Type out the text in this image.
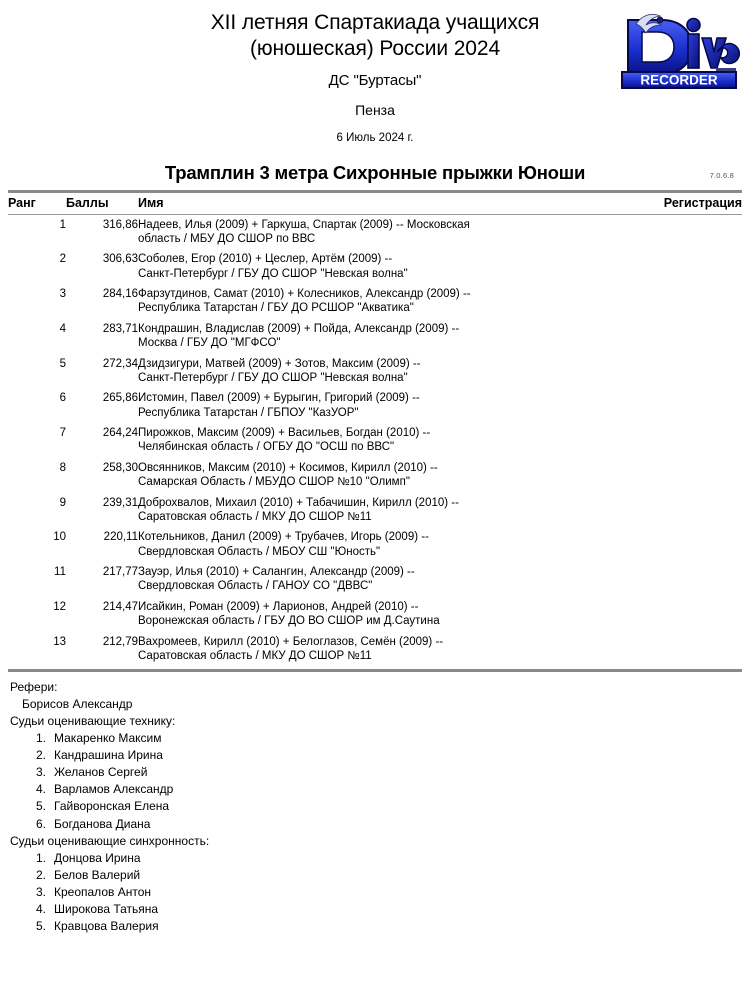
RECORDER
XII летняя Спартакиада учащихся
(юношеская) России 2024
ДС "Буртасы"
Пенза
6 Июль 2024 г.
Трамплин 3 метра Сихронные прыжки Юноши	7.0.6.8
Ранг	Баллы	Имя	Регистрация
1	316,86	Надеев, Илья (2009) + Гаркуша, Спартак (2009) -- Московская
область / МБУ ДО СШОР по ВВС	

2	306,63	Соболев, Егор (2010) + Цеслер, Артём (2009) --
Санкт-Петербург / ГБУ ДО СШОР "Невская волна"	

3	284,16	Фарзутдинов, Самат (2010) + Колесников, Александр (2009) --
Республика Татарстан / ГБУ ДО РСШОР "Акватика"	

4	283,71	Кондрашин, Владислав (2009) + Пойда, Александр (2009) --
Москва / ГБУ ДО "МГФСО"	

5	272,34	Дзидзигури, Матвей (2009) + Зотов, Максим (2009) --
Санкт-Петербург / ГБУ ДО СШОР "Невская волна"	

6	265,86	Истомин, Павел (2009) + Бурыгин, Григорий (2009) --
Республика Татарстан / ГБПОУ "КазУОР"	

7	264,24	Пирожков, Максим (2009) + Васильев, Богдан (2010) --
Челябинская область / ОГБУ ДО "ОСШ по ВВС"	

8	258,30	Овсянников, Максим (2010) + Косимов, Кирилл (2010) --
Самарская Область / МБУДО СШОР №10 "Олимп"	

9	239,31	Доброхвалов, Михаил (2010) + Табачишин, Кирилл (2010) --
Саратовская область / МКУ ДО СШОР №11	

10	220,11	Котельников, Данил (2009) + Трубачев, Игорь (2009) --
Свердловская Область / МБОУ СШ "Юность"	

11	217,77	Зауэр, Илья (2010) + Салангин, Александр (2009) --
Свердловская Область / ГАНОУ СО "ДВВС"	

12	214,47	Исайкин, Роман (2009) + Ларионов, Андрей (2010) --
Воронежская область / ГБУ ДО ВО СШОР им Д.Саутина	

13	212,79	Вахромеев, Кирилл (2010) + Белоглазов, Семён (2009) --
Саратовская область / МКУ ДО СШОР №11	

Рефери:
Борисов Александр
Судьи оценивающие технику:
1. Макаренко Максим
2. Кандрашина Ирина
3. Желанов Сергей
4. Варламов Александр
5. Гайворонская Елена
6. Богданова Диана
Судьи оценивающие синхронность:
1. Донцова Ирина
2. Белов Валерий
3. Креопалов Антон
4. Широкова Татьяна
5. Кравцова Валерия
